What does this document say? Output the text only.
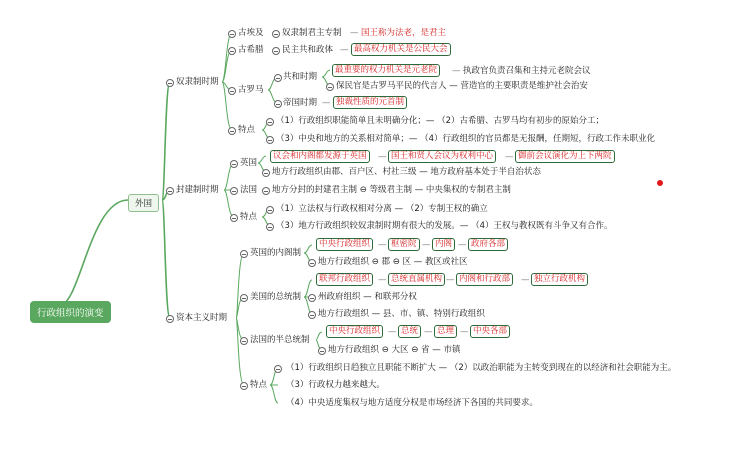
行政组织的演变
外国
奴隶制时期
古埃及 奴隶制君主专制 — 国王称为法老，是君主
古希腊 民主共和政体 — 最高权力机关是公民大会
古罗马
共和时期
最重要的权力机关是元老院	— 执政官负责召集和主持元老院会议
保民官是古罗马平民的代言人 — 营造官的主要职责是维护社会治安
帝国时期 — 独裁性质的元首制
特点
（1）行政组织职能简单且未明确分化；— （2）古希腊、古罗马均有初步的原始分工；
（3）中央和地方的关系相对简单；— （4）行政组织的官员都是无报酬，任期短，行政工作未职业化
封建制时期
英国
议会和内阁都发源于英国	— 国王和贤人会议为权利中心	— 御前会议演化为上下两院
地方行政组织由郡、百户区、村社三级 — 地方政府基本处于半自治状态
法国 地方分封的封建君主制 ⊖ 等级君主制 — 中央集权的专制君主制
特点
（1）立法权与行政权相对分离 — （2）专制王权的确立
（3）地方行政组织较奴隶制时期有很大的发展。— （4）王权与教权既有斗争又有合作。
资本主义时期
英国的内阁制
中央行政组织 — 枢密院 — 内阁 — 政府各部
地方行政组织 ⊖ 郡 ⊖ 区 — 教区或社区
美国的总统制
联邦行政组织 — 总统直属机构 — 内阁和行政部	— 独立行政机构
州政府组织 — 和联邦分权
地方行政组织 — 县、市、镇、特别行政组织
法国的半总统制
中央行政组织 — 总统 — 总理 — 中央各部
地方行政组织 ⊖ 大区 ⊖ 省 — 市镇
特点
（1）行政组织日趋独立且职能不断扩大 — （2）以政治职能为主转变到现在的以经济和社会职能为主。
（3）行政权力越来越大。
（4）中央适度集权与地方适度分权是市场经济下各国的共同要求。
